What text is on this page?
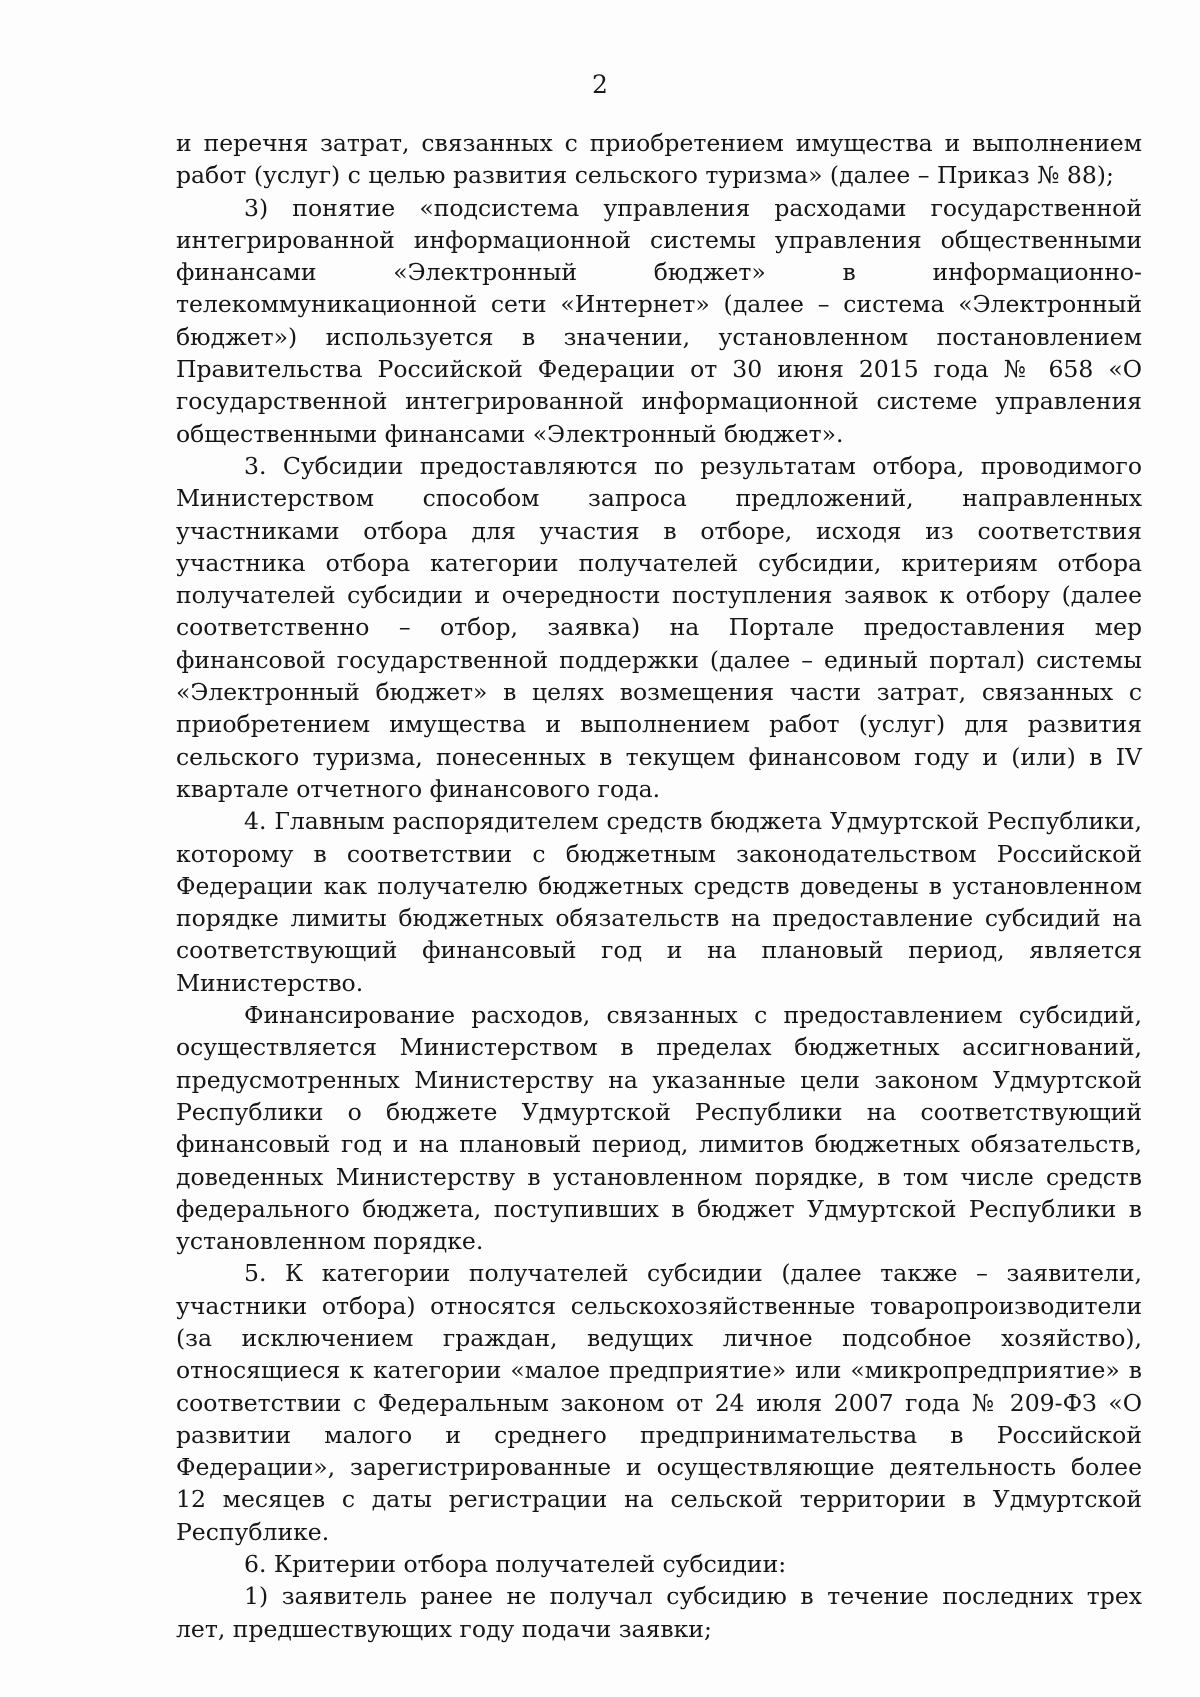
2

и перечня затрат, связанных с приобретением имущества и выполнением работ (услуг) с целью развития сельского туризма» (далее – Приказ № 88);

3) понятие «подсистема управления расходами государственной интегрированной информационной системы управления общественными финансами «Электронный бюджет» в информационно-телекоммуникационной сети «Интернет» (далее – система «Электронный бюджет») используется в значении, установленном постановлением Правительства Российской Федерации от 30 июня 2015 года № 658 «О государственной интегрированной информационной системе управления общественными финансами «Электронный бюджет».

3. Субсидии предоставляются по результатам отбора, проводимого Министерством способом запроса предложений, направленных участниками отбора для участия в отборе, исходя из соответствия участника отбора категории получателей субсидии, критериям отбора получателей субсидии и очередности поступления заявок к отбору (далее соответственно – отбор, заявка) на Портале предоставления мер финансовой государственной поддержки (далее – единый портал) системы «Электронный бюджет» в целях возмещения части затрат, связанных с приобретением имущества и выполнением работ (услуг) для развития сельского туризма, понесенных в текущем финансовом году и (или) в IV квартале отчетного финансового года.

4. Главным распорядителем средств бюджета Удмуртской Республики, которому в соответствии с бюджетным законодательством Российской Федерации как получателю бюджетных средств доведены в установленном порядке лимиты бюджетных обязательств на предоставление субсидий на соответствующий финансовый год и на плановый период, является Министерство.

Финансирование расходов, связанных с предоставлением субсидий, осуществляется Министерством в пределах бюджетных ассигнований, предусмотренных Министерству на указанные цели законом Удмуртской Республики о бюджете Удмуртской Республики на соответствующий финансовый год и на плановый период, лимитов бюджетных обязательств, доведенных Министерству в установленном порядке, в том числе средств федерального бюджета, поступивших в бюджет Удмуртской Республики в установленном порядке.

5. К категории получателей субсидии (далее также – заявители, участники отбора) относятся сельскохозяйственные товаропроизводители (за исключением граждан, ведущих личное подсобное хозяйство), относящиеся к категории «малое предприятие» или «микропредприятие» в соответствии с Федеральным законом от 24 июля 2007 года № 209-ФЗ «О развитии малого и среднего предпринимательства в Российской Федерации», зарегистрированные и осуществляющие деятельность более 12 месяцев с даты регистрации на сельской территории в Удмуртской Республике.

6. Критерии отбора получателей субсидии:

1) заявитель ранее не получал субсидию в течение последних трех лет, предшествующих году подачи заявки;
